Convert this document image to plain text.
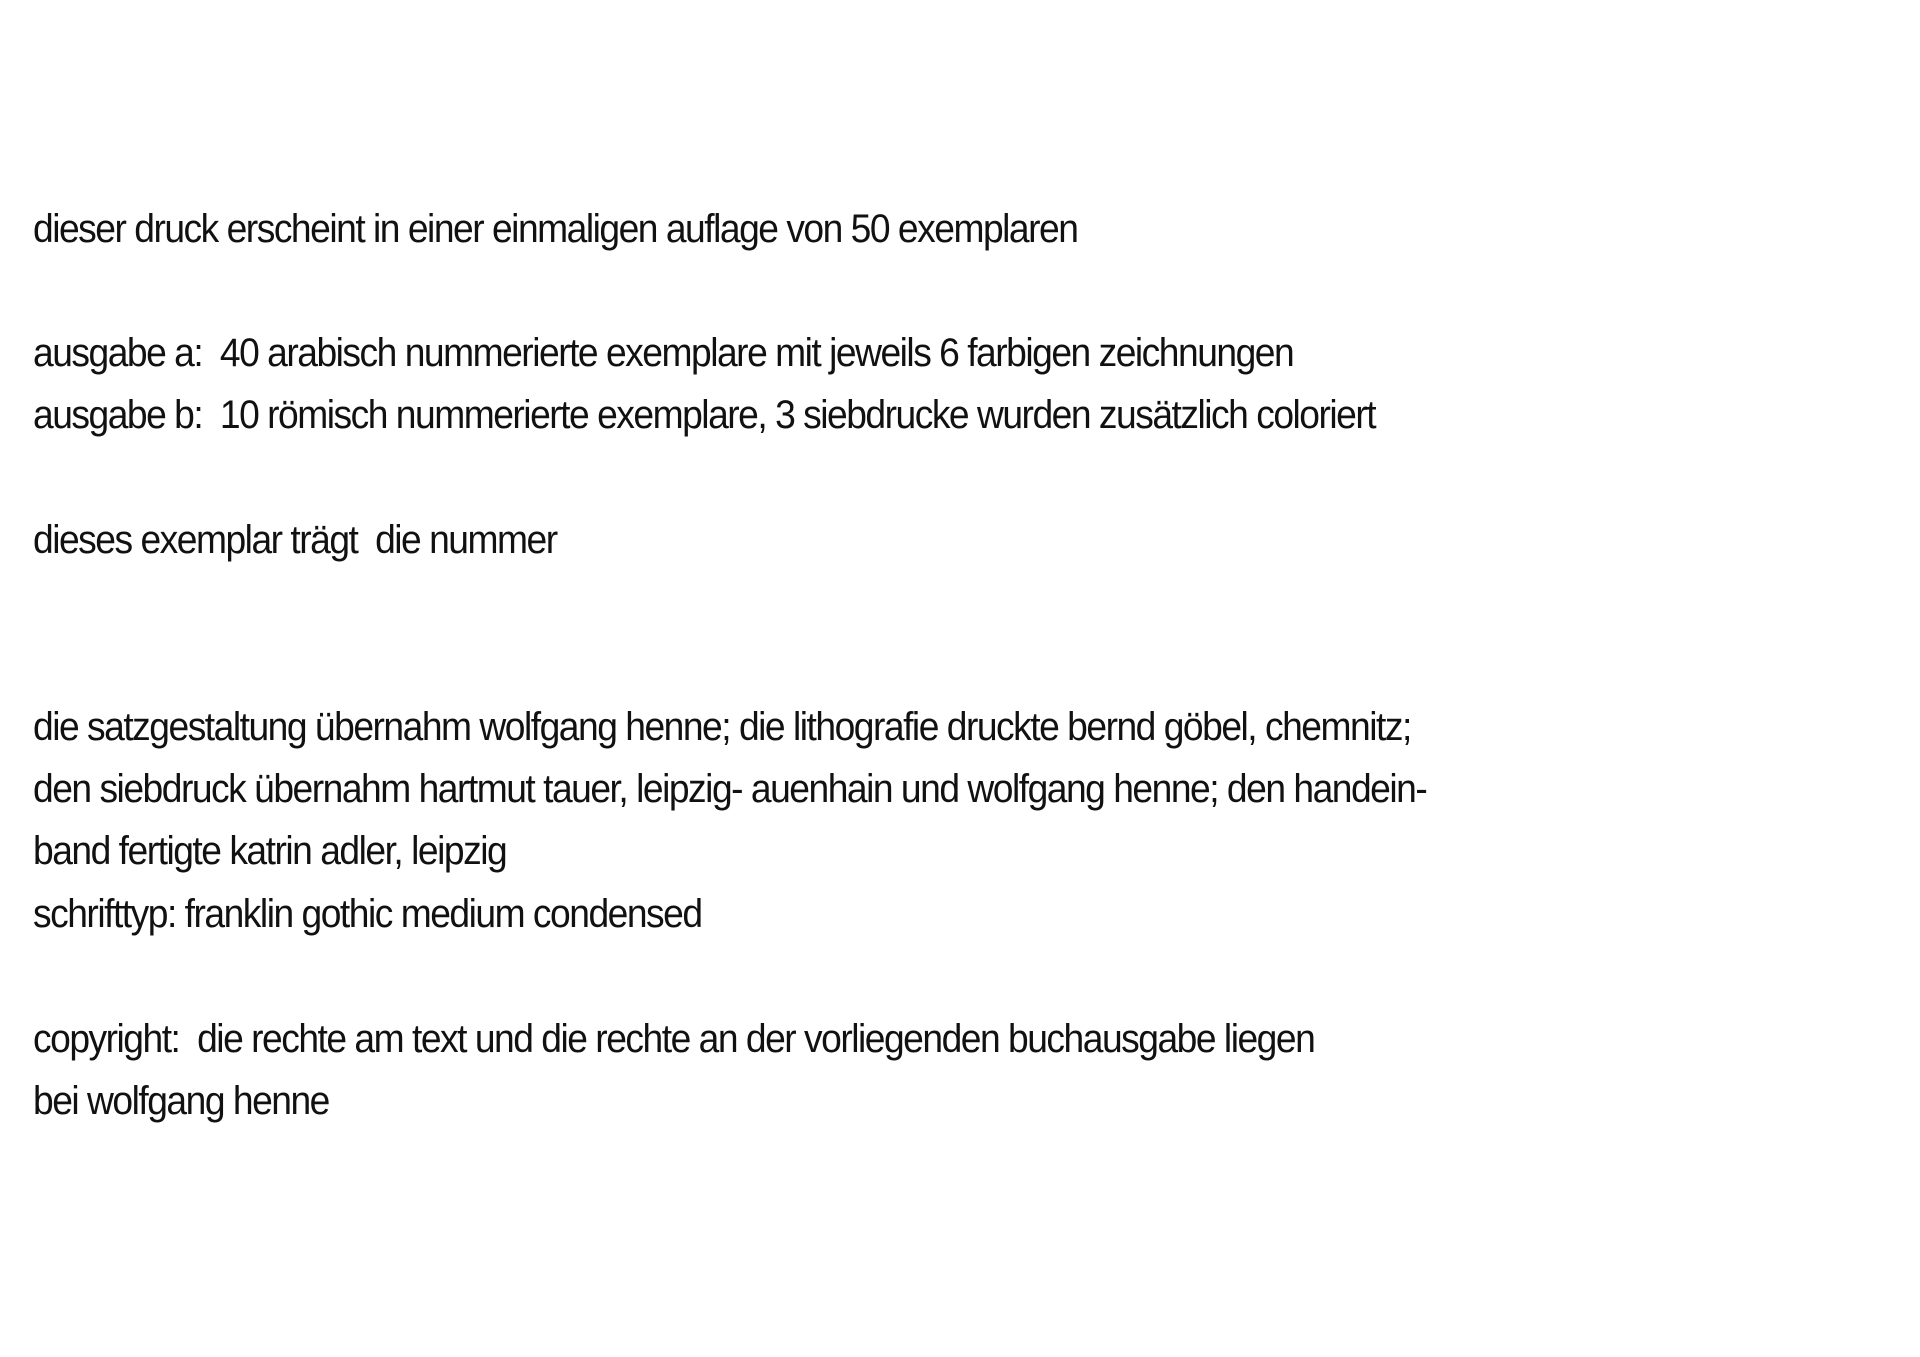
dieser druck erscheint in einer einmaligen auflage von 50 exemplaren

ausgabe a:  40 arabisch nummerierte exemplare mit jeweils 6 farbigen zeichnungen

ausgabe b:  10 römisch nummerierte exemplare, 3 siebdrucke wurden zusätzlich coloriert

dieses exemplar trägt  die nummer

die satzgestaltung übernahm wolfgang henne; die lithografie druckte bernd göbel, chemnitz;

den siebdruck übernahm hartmut tauer, leipzig- auenhain und wolfgang henne; den handein-

band fertigte katrin adler, leipzig

schrifttyp: franklin gothic medium condensed

copyright:  die rechte am text und die rechte an der vorliegenden buchausgabe liegen

bei wolfgang henne
